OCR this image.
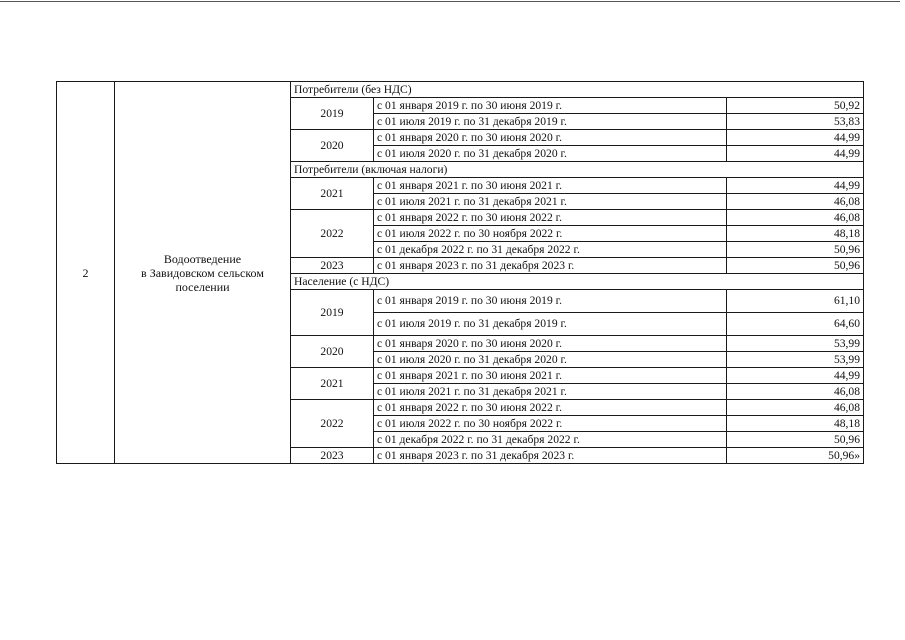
2	Водоотведение
в Завидовском сельском
поселении	Потребители (без НДС)		
		2019	с 01 января 2019 г. по 30 июня 2019 г.	50,92
			с 01 июля 2019 г. по 31 декабря 2019 г.	53,83
		2020	с 01 января 2020 г. по 30 июня 2020 г.	44,99
			с 01 июля 2020 г. по 31 декабря 2020 г.	44,99
		Потребители (включая налоги)		
		2021	с 01 января 2021 г. по 30 июня 2021 г.	44,99
			с 01 июля 2021 г. по 31 декабря 2021 г.	46,08
		2022	с 01 января 2022 г. по 30 июня 2022 г.	46,08
			с 01 июля 2022 г. по 30 ноября 2022 г.	48,18
			с 01 декабря 2022 г. по 31 декабря 2022 г.	50,96
		2023	с 01 января 2023 г. по 31 декабря 2023 г.	50,96
		Население (с НДС)		
		2019	с 01 января 2019 г. по 30 июня 2019 г.	61,10
			с 01 июля 2019 г. по 31 декабря 2019 г.	64,60
		2020	с 01 января 2020 г. по 30 июня 2020 г.	53,99
			с 01 июля 2020 г. по 31 декабря 2020 г.	53,99
		2021	с 01 января 2021 г. по 30 июня 2021 г.	44,99
			с 01 июля 2021 г. по 31 декабря 2021 г.	46,08
		2022	с 01 января 2022 г. по 30 июня 2022 г.	46,08
			с 01 июля 2022 г. по 30 ноября 2022 г.	48,18
			с 01 декабря 2022 г. по 31 декабря 2022 г.	50,96
		2023	с 01 января 2023 г. по 31 декабря 2023 г.	50,96»
